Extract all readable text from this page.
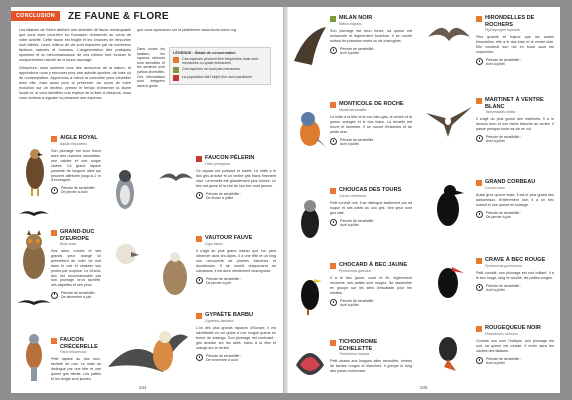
CONCLUSION	ZE FAUNE & FLORE

Les falaises de l'Isère abritent une diversité de faune remarquable que vous avez peut-être eu l'occasion d'observer au cours de votre activité. Cette faune est fragile et les chances de rencontre sont faibles. Leurs milieux de vie sont impactés par de nombreux facteurs naturels et humains. L'augmentation des pratiques sportives et la méconnaissance de ces milieux font évoluer le comportement naturel de la faune sauvage.

Grimpeurs, nous sommes tous des amoureux de la nature, et appréciions nous y retrouver pour une activité sportive, de loisir ou de contemplation. Apprenons à mieux la connaître pour cohabiter avec elle, mais aussi pour la préserver. Au cours de votre évolution sur un secteur, prenez le temps d'observer la faune locale et, si vous identifiez une espèce de la liste ci-dessous, nous vous invitons à signaler la présence des espèces

que vous apercevez sur la plateforme www.faune-isere.org

Dans toutes les falaises, les rapaces nicheurs sont sensibles et les secteurs sont parfois diversifiés. Ces informations sont intégrées dans le guide

LÉGENDE : Statut de conservation
Ces espèces peuvent être fréquentes mais sont menacées ou quasi menacées
Ces espèces ne sont pas menacées
La population fait l'objet d'un suivi particulier
AIGLE ROYAL
Aquila chrysaetos
Son plumage est brun foncé avec des nuances roussâtres, une calotte et une nuque claires. Ce grand rapace possède de longues ailes qui peuvent atteindre jusqu'à 2 m d'envergure.
Période de sensibilité :
De janvier à août
GRAND-DUC D'EUROPE
Bubo bubo
Ses ailes, rondes et ses grands yeux orange lui permettent de voler de nuit dans le noir et chasser ses proies par surprise. Le Grand-duc est reconnaissable par son plumage brun tacheté, ses aigrettes et ses yeux.
Période de sensibilité :
De décembre à juin
FAUCON CRÉCERELLE
Falco tinnunculus
Petit rapace au dos roux, tacheté de noir. Le mâle se distingue par une tête et une queue gris bleuté. Les pattes et les doigts sont jaunes.
FAUCON PÈLERIN
Falco peregrinus
Ce rapace est puissant et fuselé. Le mâle a le dos gris ardoisé et un ventre gris blanc finement rayé. La femelle est globalement plus foncée. Le bec est jaune et la cire de son bec sont jaunes.
Période de sensibilité :
De février à juillet
VAUTOUR FAUVE
Gyps fulvus
Il s'agit du plus grand oiseau que l'on peut observer dans les Alpes. Il a une tête et un long cou recouverts de plumes blanches et duveteuses. Il se nourrit uniquement de carcasses, il est donc strictement charognard.
Période de sensibilité :
De janvier à juin
GYPAÈTE BARBU
Gypaetus barbatus
L'un des plus grands rapaces d'Europe, il est identifiable en vol grâce à une longue queue en forme de losange. Son plumage est contrasté : gris ardoise sur les ailes, blanc à la tête et orangé sur le ventre.
Période de sensibilité :
De novembre à août
344
MILAN NOIR
Milvus migrans
Son plumage est brun foncé, sa queue est échancrée et légèrement fourchue. Il se nourrit surtout de poissons morts ou de charognes.
Période de sensibilité :
Avril à juillet
MONTICOLE DE ROCHE
Monticola saxatilis
Le mâle a la tête et le cou bleu-gris, le ventre et la queue orangée et le dos blanc. La femelle est brune et tachetée. Il se nourrit d'insectes et de petits vers.
Période de sensibilité :
Avril à juillet
CHOUCAS DES TOURS
Corvus monedula
Petit corvidé noir, il se distingue facilement par sa nuque et ses côtés du cou gris. Ses yeux sont gris clair.
Période de sensibilité :
Avril à juillet
CHOCARD À BEC JAUNE
Pyrrhocorax graculus
Il a le bec jaune, court et fin, légèrement recourbé, ses pattes sont rouges. Se rassemble en groupe sur les sites d'escalade pour les miettes.
Période de sensibilité :
Avril à juillet
TICHODROME ÉCHELETTE
Tichodroma muraria
Petit oiseau aux longues ailes arrondies, ornées de taches rouges et blanches. Il grimpe le long des parois rocheuses.
HIRONDELLES DE ROCHERS
Ptyonoprogne rupestris
Plus grande et trapue que les autres hirondelles, elle a le dos brun et le ventre clair. Elle construit son nid en boue sous les surplombs.
Période de sensibilité :
Avril à juillet
MARTINET À VENTRE BLANC
Tachymarptis melba
Il s'agit du plus grand des martinets. Il a le dessus brun et une tache blanche au ventre. Il passe presque toute sa vie en vol.
Période de sensibilité :
Avril à juillet
GRAND CORBEAU
Corvus corax
Aussi gros qu'une buse, il est le plus grand des passereaux. Entièrement noir, il a un bec massif et une queue en losange.
Période de sensibilité :
De janvier à juin
CRAVE À BEC ROUGE
Pyrrhocorax pyrrhocorax
Petit corvidé, son plumage est noir brillant. Il a le bec rouge, long et courbé, les pattes rouges.
Période de sensibilité :
Avril à juillet
ROUGEQUEUE NOIR
Phoenicurus ochruros
Comme son nom l'indique, son plumage est noir, sa queue est rousse. Il niche dans les cavités des falaises.
Période de sensibilité :
Avril à juillet
345
